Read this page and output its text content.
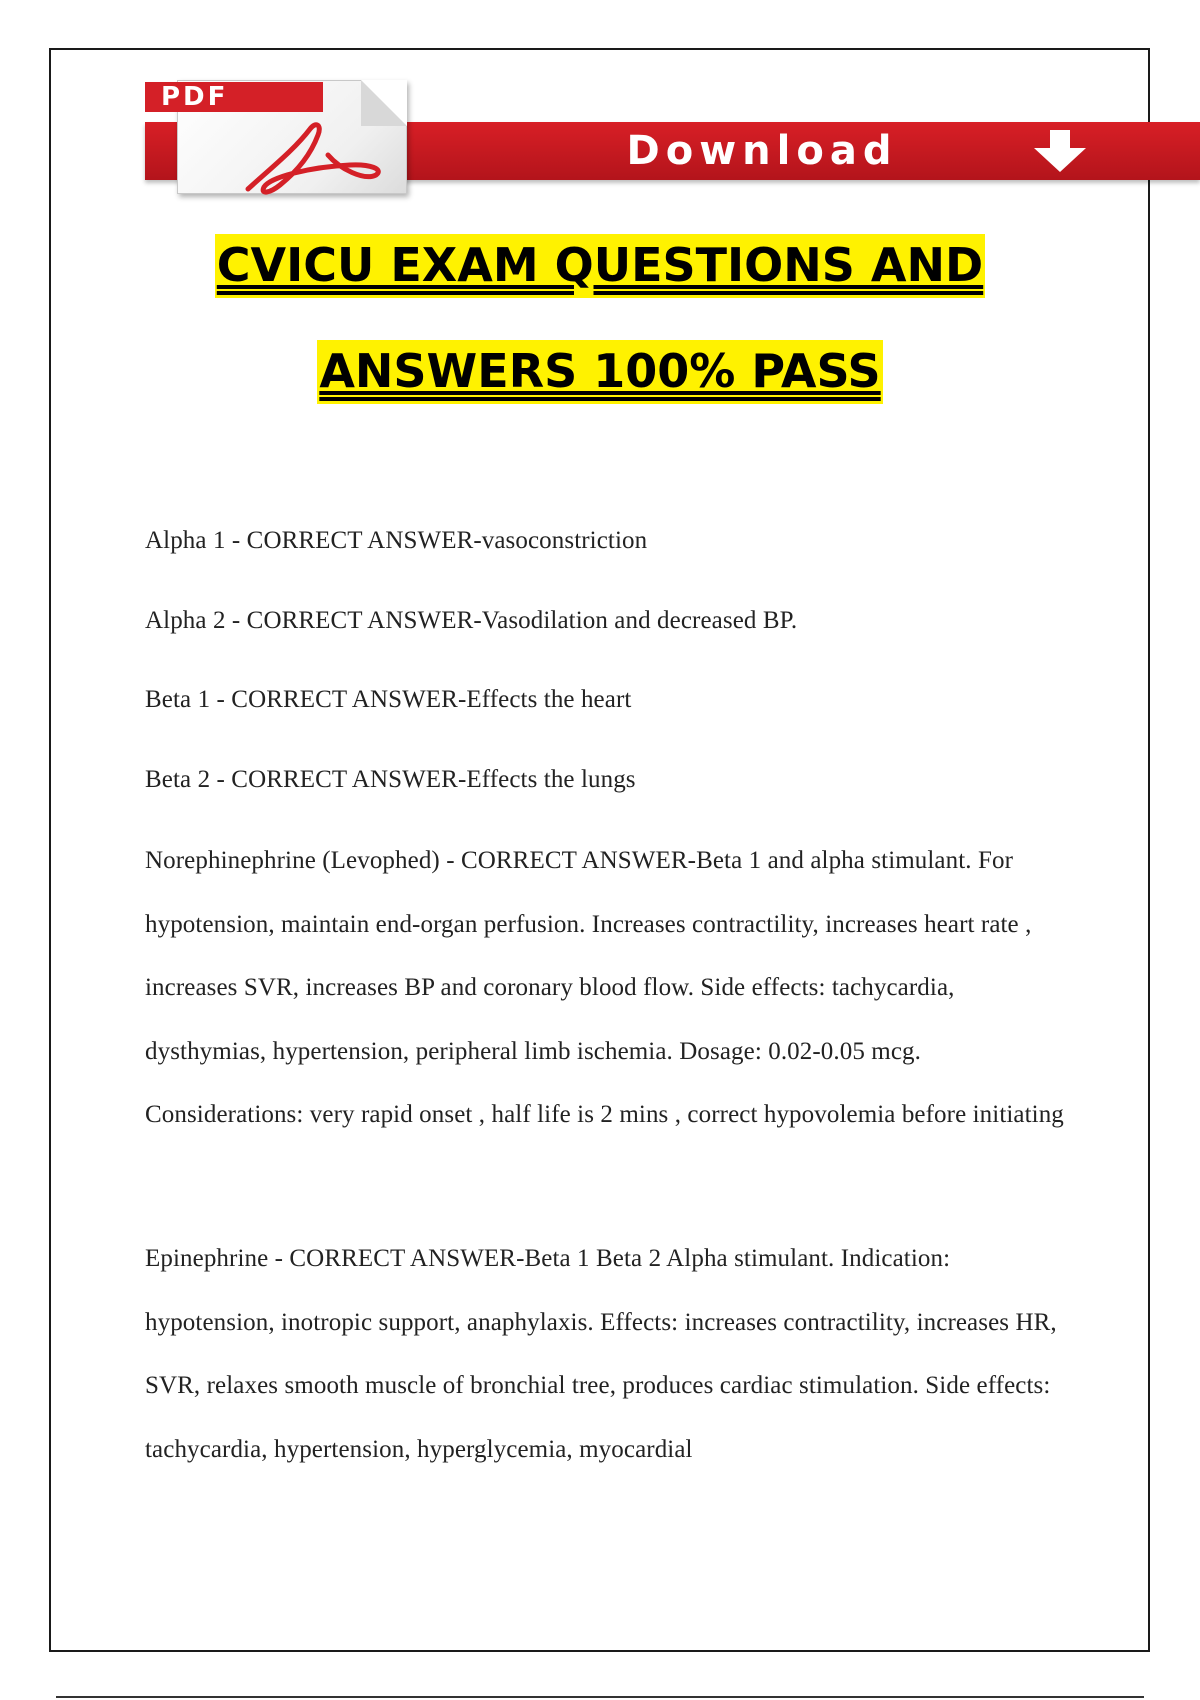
Download
PDF
CVICU EXAM QUESTIONS AND
ANSWERS 100% PASS

Alpha 1 - CORRECT ANSWER-vasoconstriction

Alpha 2 - CORRECT ANSWER-Vasodilation and decreased BP.

Beta 1 - CORRECT ANSWER-Effects the heart

Beta 2 - CORRECT ANSWER-Effects the lungs

Norephinephrine (Levophed) - CORRECT ANSWER-Beta 1 and alpha stimulant. For hypotension, maintain end-organ perfusion. Increases contractility, increases heart rate , increases SVR, increases BP and coronary blood flow. Side effects: tachycardia, dysthymias, hypertension, peripheral limb ischemia. Dosage: 0.02-0.05 mcg. Considerations: very rapid onset , half life is 2 mins , correct hypovolemia before initiating

Epinephrine - CORRECT ANSWER-Beta 1 Beta 2 Alpha stimulant. Indication: hypotension, inotropic support, anaphylaxis. Effects: increases contractility, increases HR, SVR, relaxes smooth muscle of bronchial tree, produces cardiac stimulation. Side effects: tachycardia, hypertension, hyperglycemia, myocardial
